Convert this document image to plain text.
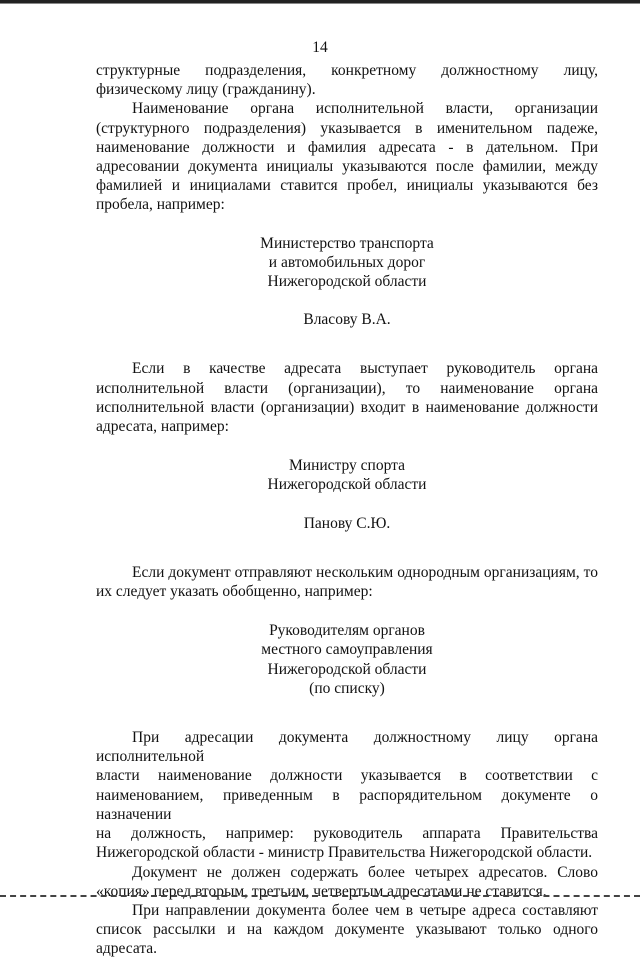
14

структурные подразделения, конкретному должностному лицу, физическому лицу (гражданину).

Наименование органа исполнительной власти, организации (структурного подразделения) указывается в именительном падеже, наименование должности и фамилия адресата - в дательном. При адресовании документа инициалы указываются после фамилии, между фамилией и инициалами ставится пробел, инициалы указываются без пробела, например:

Министерство транспорта

и автомобильных дорог

Нижегородской области

Власову В.А.

Если в качестве адресата выступает руководитель органа исполнительной власти (организации), то наименование органа исполнительной власти (организации) входит в наименование должности адресата, например:

Министру спорта

Нижегородской области

Панову С.Ю.

Если документ отправляют нескольким однородным организациям, то их следует указать обобщенно, например:

Руководителям органов

местного самоуправления

Нижегородской области

(по списку)

При адресации документа должностному лицу органа исполнительной

власти наименование должности указывается в соответствии с

наименованием, приведенным в распорядительном документе о назначении

на должность, например: руководитель аппарата Правительства

Нижегородской области - министр Правительства Нижегородской области.

Документ не должен содержать более четырех адресатов. Слово «копия» перед вторым, третьим, четвертым адресатами не ставится.

При направлении документа более чем в четыре адреса составляют список рассылки и на каждом документе указывают только одного адресата.
